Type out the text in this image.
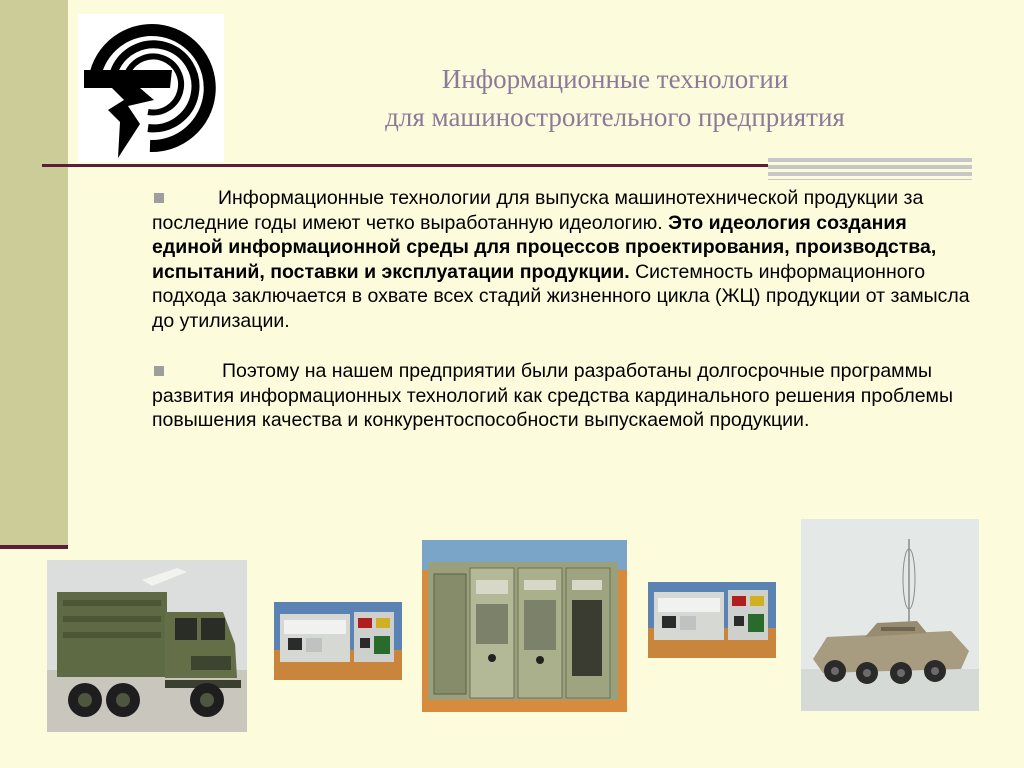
Информационные технологии
для машиностроительного предприятия
Информационные технологии для выпуска машинотехнической продукции за последние годы имеют четко выработанную идеологию. Это идеология создания единой информационной среды для процессов проектирования, производства, испытаний, поставки и эксплуатации продукции. Системность информационного подхода заключается в охвате всех стадий жизненного цикла (ЖЦ) продукции от замысла до утилизации.
Поэтому на нашем предприятии были разработаны долгосрочные программы развития информационных технологий как средства кардинального решения проблемы повышения качества и конкурентоспособности выпускаемой продукции.
